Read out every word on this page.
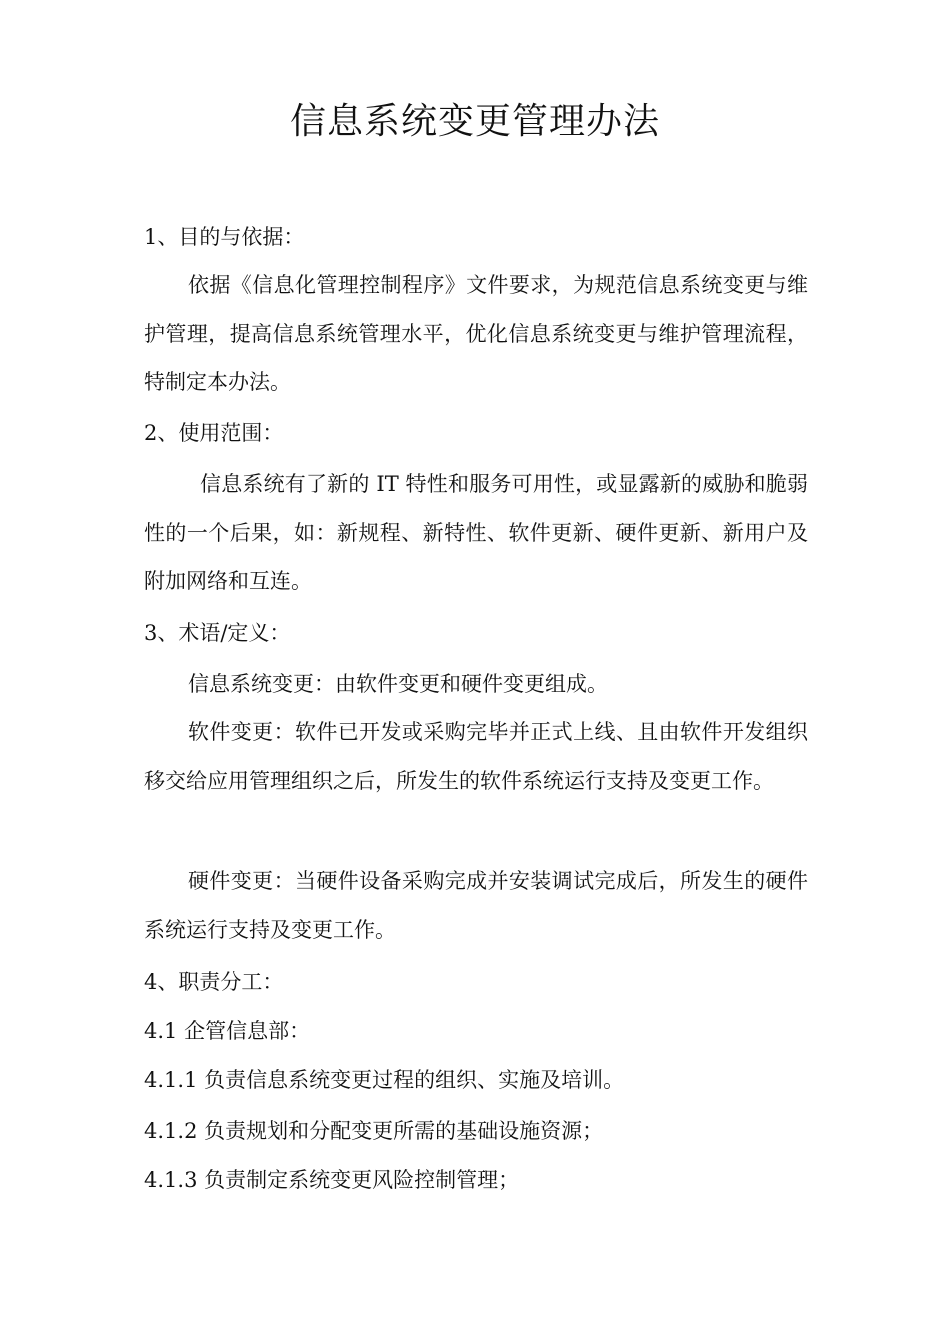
信息系统变更管理办法

1、目的与依据：

依据《信息化管理控制程序》文件要求，为规范信息系统变更与维护管理，提高信息系统管理水平，优化信息系统变更与维护管理流程，特制定本办法。

2、使用范围：

信息系统有了新的 IT 特性和服务可用性，或显露新的威胁和脆弱性的一个后果，如：新规程、新特性、软件更新、硬件更新、新用户及附加网络和互连。

3、术语/定义：

信息系统变更：由软件变更和硬件变更组成。

软件变更：软件已开发或采购完毕并正式上线、且由软件开发组织移交给应用管理组织之后，所发生的软件系统运行支持及变更工作。

硬件变更：当硬件设备采购完成并安装调试完成后，所发生的硬件系统运行支持及变更工作。

4、职责分工：

4.1 企管信息部：

4.1.1 负责信息系统变更过程的组织、实施及培训。

4.1.2 负责规划和分配变更所需的基础设施资源；

4.1.3 负责制定系统变更风险控制管理；
